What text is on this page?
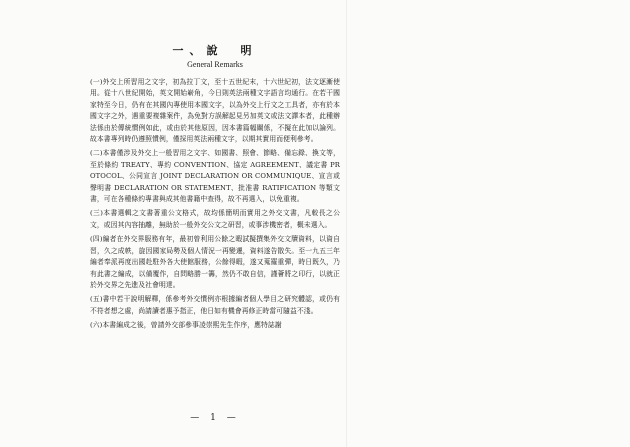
一、說　明
General Remarks

(一)外交上所習用之文字，初為拉丁文，至十五世紀末，十六世紀初，法文逐漸使用。從十八世紀開始，英文開始嶄角，今日則英法兩種文字語言均通行。在若干國家特至今日，仍有在其國內專使用本國文字，以為外交上行文之工具者，亦有於本國文字之外，遇重要複雜案件，為免對方誤解起見另加英文或法文譯本者，此種辦法係由於傳統慣例如此，或由於其他原因，因本書篇幅關係，不擬在此加以論列。故本書專列時仍遵照慣例，僅採用英法兩種文字，以期其實用而便利參考。

(二)本書僅涉及外交上一般習用之文字、如國書、照會、節略、備忘錄、換文等，至於條約 TREATY、專約 CONVENTION、協定 AGREEMENT、議定書 PROTOCOL、公同宣言 JOINT DECLARATION OR COMMUNIQUE、宣言或聲明書 DECLARATION OR STATEMENT、批准書 RATIFICATION 等類文書，可在各種條約專書與成其他書籍中查得，故不再選入，以免重複。

(三)本書選輯之文書著重公文格式，故均係簡明而實用之外交文書，凡較長之公文，或因其內容抽離，無助於一般外交公文之研習，或事涉機密者，概未選入。

(四)編者在外交界服務有年，最初曾利用公餘之暇試擬撰集外交文牘資料，以資自習，久之成帙，旋因國家局勢及個人情況一再變遷，資料遂告散失。至一九五三年編者奉派再度出國赴駐外各大使館服務，公餘得暇，遂又蒐羅重彈，時日既久，乃有此書之編成，以備覆作，自問略勝一籌，然仍不敢自信，謹薈將之印行，以就正於外交界之先進及社會明達。

(五)書中若干說明解釋，係參考外交慣例亦根據編者個人學目之研究體認，或仍有不符者想之處，尚請讀者惠予指正，他日如有機會再修正時當可隨益不淺。

(六)本書編成之後，曾請外交部參事凌崇熙先生作序，應特誌謝

— 1 —
